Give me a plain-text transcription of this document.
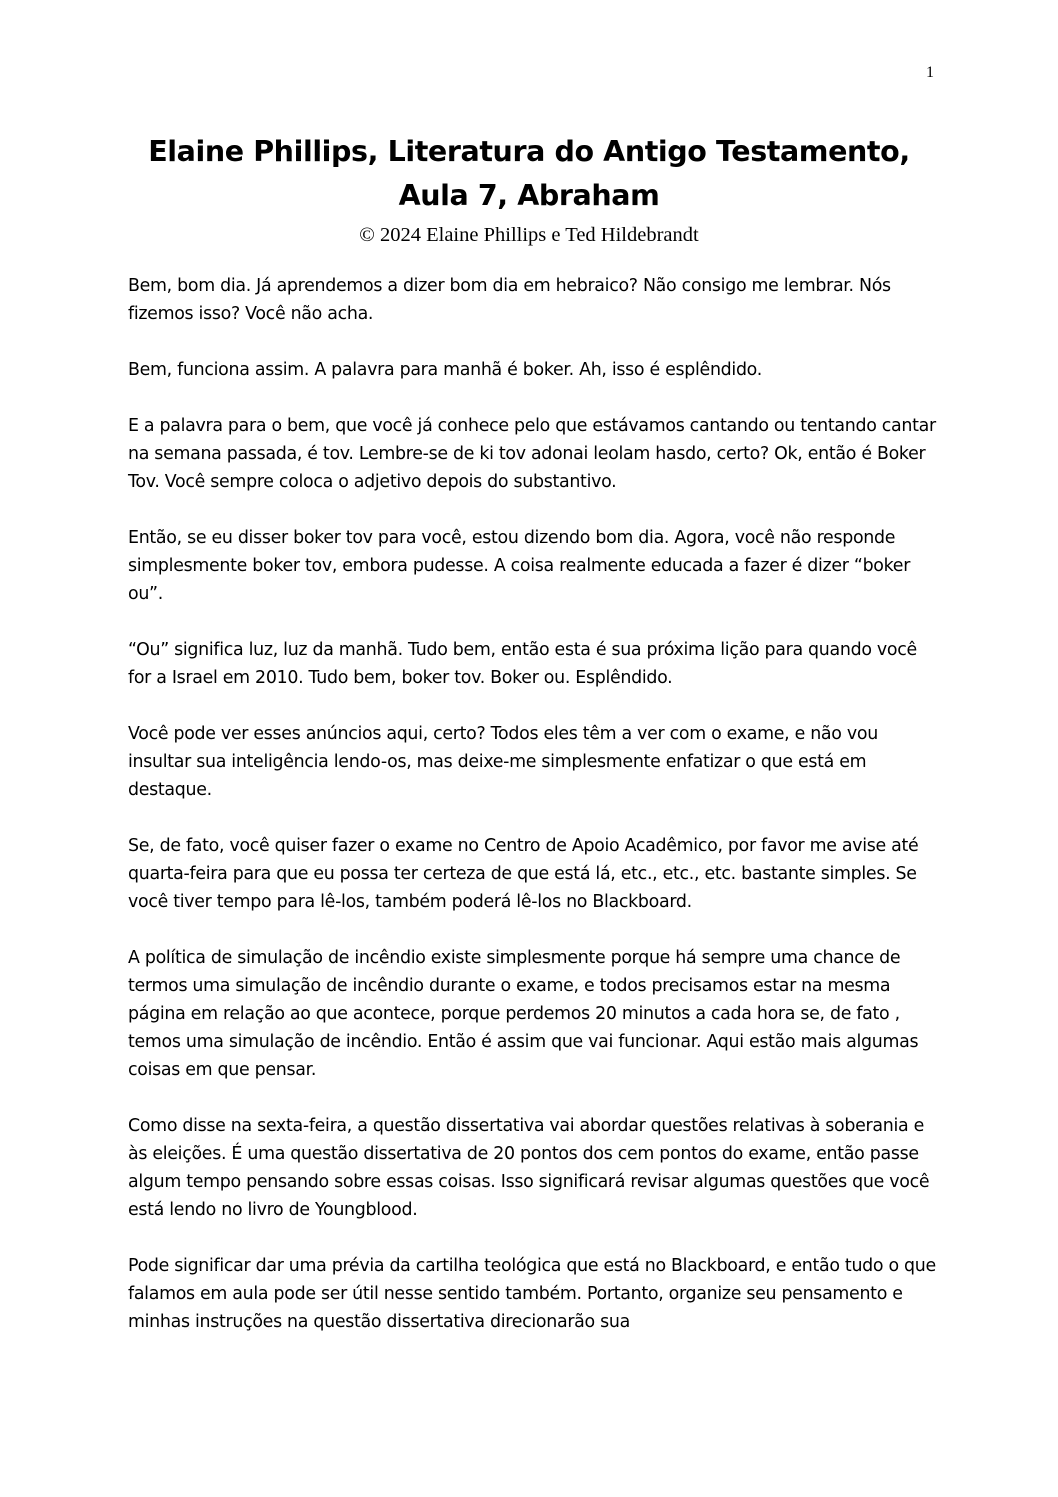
1
Elaine Phillips, Literatura do Antigo Testamento,
Aula 7, Abraham
© 2024 Elaine Phillips e Ted Hildebrandt

Bem, bom dia. Já aprendemos a dizer bom dia em hebraico? Não consigo me lembrar. Nós fizemos isso? Você não acha.

Bem, funciona assim. A palavra para manhã é boker. Ah, isso é esplêndido.

E a palavra para o bem, que você já conhece pelo que estávamos cantando ou tentando cantar na semana passada, é tov. Lembre-se de ki tov adonai leolam hasdo, certo? Ok, então é Boker Tov. Você sempre coloca o adjetivo depois do substantivo.

Então, se eu disser boker tov para você, estou dizendo bom dia. Agora, você não responde simplesmente boker tov, embora pudesse. A coisa realmente educada a fazer é dizer “boker ou”.

“Ou” significa luz, luz da manhã. Tudo bem, então esta é sua próxima lição para quando você for a Israel em 2010. Tudo bem, boker tov. Boker ou. Esplêndido.

Você pode ver esses anúncios aqui, certo? Todos eles têm a ver com o exame, e não vou insultar sua inteligência lendo-os, mas deixe-me simplesmente enfatizar o que está em destaque.

Se, de fato, você quiser fazer o exame no Centro de Apoio Acadêmico, por favor me avise até quarta-feira para que eu possa ter certeza de que está lá, etc., etc., etc. bastante simples. Se você tiver tempo para lê-los, também poderá lê-los no Blackboard.

A política de simulação de incêndio existe simplesmente porque há sempre uma chance de termos uma simulação de incêndio durante o exame, e todos precisamos estar na mesma página em relação ao que acontece, porque perdemos 20 minutos a cada hora se, de fato , temos uma simulação de incêndio. Então é assim que vai funcionar. Aqui estão mais algumas coisas em que pensar.

Como disse na sexta-feira, a questão dissertativa vai abordar questões relativas à soberania e às eleições. É uma questão dissertativa de 20 pontos dos cem pontos do exame, então passe algum tempo pensando sobre essas coisas. Isso significará revisar algumas questões que você está lendo no livro de Youngblood.

Pode significar dar uma prévia da cartilha teológica que está no Blackboard, e então tudo o que falamos em aula pode ser útil nesse sentido também. Portanto, organize seu pensamento e minhas instruções na questão dissertativa direcionarão sua
